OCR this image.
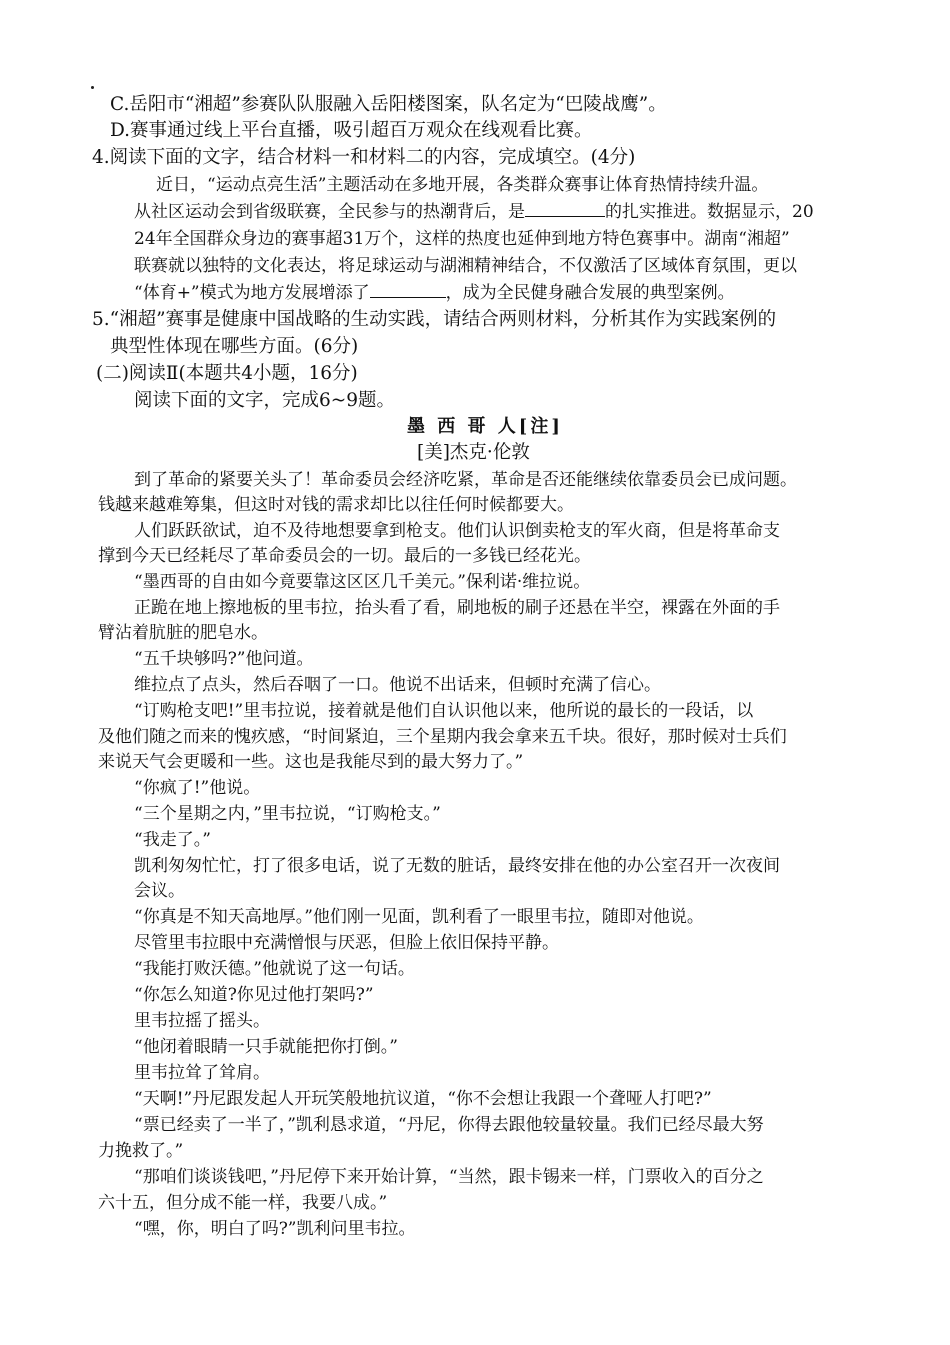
C.岳阳市“湘超”参赛队队服融入岳阳楼图案，队名定为“巴陵战鹰”。
D.赛事通过线上平台直播，吸引超百万观众在线观看比赛。
4.阅读下面的文字，结合材料一和材料二的内容，完成填空。(4分)
近日，“运动点亮生活”主题活动在多地开展，各类群众赛事让体育热情持续升温。
从社区运动会到省级联赛，全民参与的热潮背后，是	的扎实推进。数据显示，20
24年全国群众身边的赛事超31万个，这样的热度也延伸到地方特色赛事中。湖南“湘超”
联赛就以独特的文化表达，将足球运动与湖湘精神结合，不仅激活了区域体育氛围，更以
“体育+”模式为地方发展增添了	，成为全民健身融合发展的典型案例。
5.“湘超”赛事是健康中国战略的生动实践，请结合两则材料，分析其作为实践案例的
典型性体现在哪些方面。(6分)
(二)阅读Ⅱ(本题共4小题，16分)
阅读下面的文字，完成6~9题。
墨 西 哥 人[注]
[美]杰克·伦敦
到了革命的紧要关头了！革命委员会经济吃紧，革命是否还能继续依靠委员会已成问题。
钱越来越难筹集，但这时对钱的需求却比以往任何时候都要大。
人们跃跃欲试，迫不及待地想要拿到枪支。他们认识倒卖枪支的军火商，但是将革命支
撑到今天已经耗尽了革命委员会的一切。最后的一多钱已经花光。
“墨西哥的自由如今竟要靠这区区几千美元。”保利诺·维拉说。
正跪在地上擦地板的里韦拉，抬头看了看，刷地板的刷子还悬在半空，裸露在外面的手
臂沾着肮脏的肥皂水。
“五千块够吗?”他问道。
维拉点了点头，然后吞咽了一口。他说不出话来，但顿时充满了信心。
“订购枪支吧!”里韦拉说，接着就是他们自认识他以来，他所说的最长的一段话，以
及他们随之而来的愧疚感，“时间紧迫，三个星期内我会拿来五千块。很好，那时候对士兵们
来说天气会更暖和一些。这也是我能尽到的最大努力了。”
“你疯了!”他说。
“三个星期之内，”里韦拉说，“订购枪支。”
“我走了。”
凯利匆匆忙忙，打了很多电话，说了无数的脏话，最终安排在他的办公室召开一次夜间
会议。
“你真是不知天高地厚。”他们刚一见面，凯利看了一眼里韦拉，随即对他说。
尽管里韦拉眼中充满憎恨与厌恶，但脸上依旧保持平静。
“我能打败沃德。”他就说了这一句话。
“你怎么知道?你见过他打架吗?”
里韦拉摇了摇头。
“他闭着眼睛一只手就能把你打倒。”
里韦拉耸了耸肩。
“天啊!”丹尼跟发起人开玩笑般地抗议道，“你不会想让我跟一个聋哑人打吧?”
“票已经卖了一半了，”凯利恳求道，“丹尼，你得去跟他较量较量。我们已经尽最大努
力挽救了。”
“那咱们谈谈钱吧，”丹尼停下来开始计算，“当然，跟卡锡来一样，门票收入的百分之
六十五，但分成不能一样，我要八成。”
“嘿，你，明白了吗?”凯利问里韦拉。
